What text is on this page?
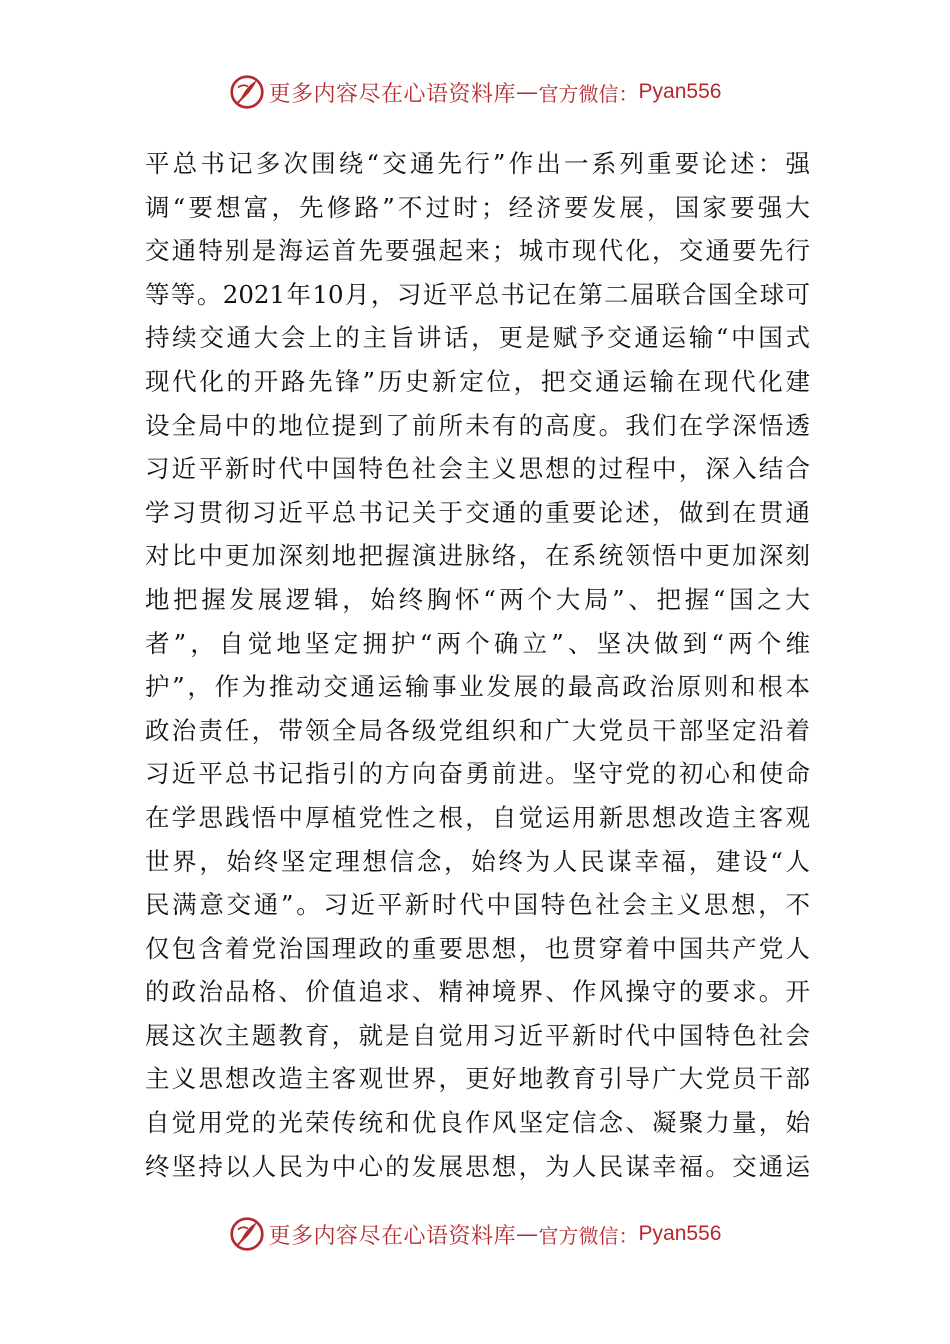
更多内容尽在心语资料库 — 官方微信： Pyan556
平总书记多次围绕“交通先行”作出一系列重要论述：强
调“要想富，先修路”不过时；经济要发展，国家要强大
交通特别是海运首先要强起来；城市现代化，交通要先行
等等。2021年10月，习近平总书记在第二届联合国全球可
持续交通大会上的主旨讲话，更是赋予交通运输“中国式
现代化的开路先锋”历史新定位，把交通运输在现代化建
设全局中的地位提到了前所未有的高度。我们在学深悟透
习近平新时代中国特色社会主义思想的过程中，深入结合
学习贯彻习近平总书记关于交通的重要论述，做到在贯通
对比中更加深刻地把握演进脉络，在系统领悟中更加深刻
地把握发展逻辑，始终胸怀“两个大局”、把握“国之大
者”，自觉地坚定拥护“两个确立”、坚决做到“两个维
护”，作为推动交通运输事业发展的最高政治原则和根本
政治责任，带领全局各级党组织和广大党员干部坚定沿着
习近平总书记指引的方向奋勇前进。坚守党的初心和使命
在学思践悟中厚植党性之根，自觉运用新思想改造主客观
世界，始终坚定理想信念，始终为人民谋幸福，建设“人
民满意交通”。习近平新时代中国特色社会主义思想，不
仅包含着党治国理政的重要思想，也贯穿着中国共产党人
的政治品格、价值追求、精神境界、作风操守的要求。开
展这次主题教育，就是自觉用习近平新时代中国特色社会
主义思想改造主客观世界，更好地教育引导广大党员干部
自觉用党的光荣传统和优良作风坚定信念、凝聚力量，始
终坚持以人民为中心的发展思想，为人民谋幸福。交通运
更多内容尽在心语资料库 — 官方微信： Pyan556
